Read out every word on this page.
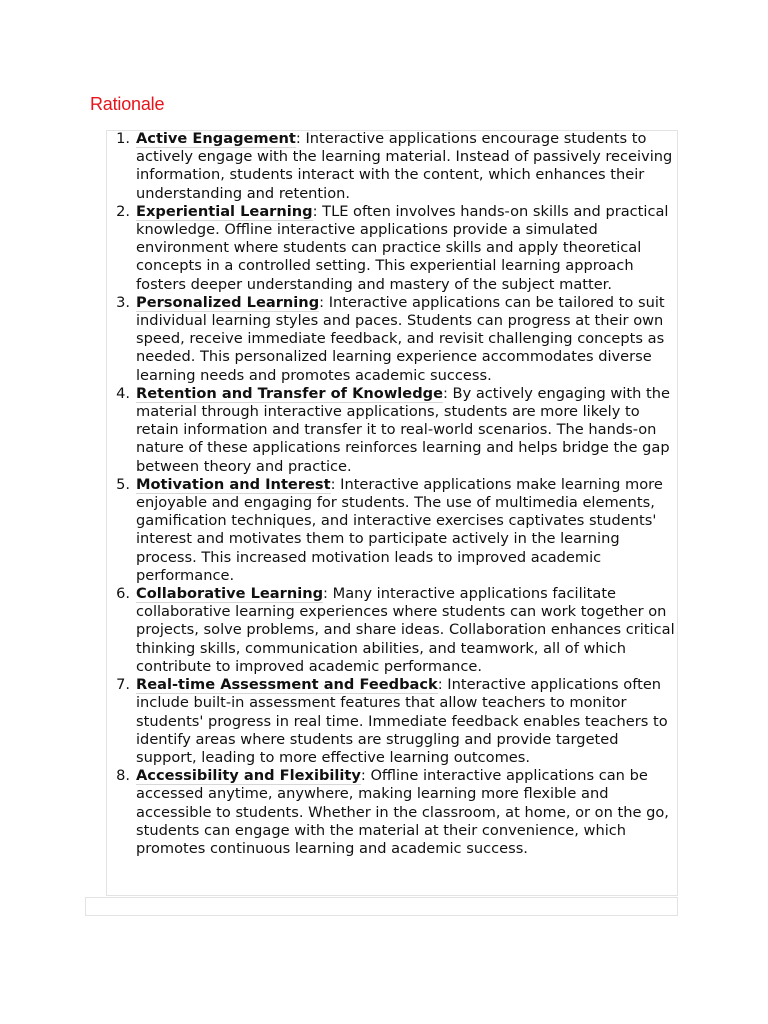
Rationale
1. Active Engagement: Interactive applications encourage students to actively engage with the learning material. Instead of passively receiving information, students interact with the content, which enhances their understanding and retention.
2. Experiential Learning: TLE often involves hands-on skills and practical knowledge. Offline interactive applications provide a simulated environment where students can practice skills and apply theoretical concepts in a controlled setting. This experiential learning approach fosters deeper understanding and mastery of the subject matter.
3. Personalized Learning: Interactive applications can be tailored to suit individual learning styles and paces. Students can progress at their own speed, receive immediate feedback, and revisit challenging concepts as needed. This personalized learning experience accommodates diverse learning needs and promotes academic success.
4. Retention and Transfer of Knowledge: By actively engaging with the material through interactive applications, students are more likely to retain information and transfer it to real-world scenarios. The hands-on nature of these applications reinforces learning and helps bridge the gap between theory and practice.
5. Motivation and Interest: Interactive applications make learning more enjoyable and engaging for students. The use of multimedia elements, gamification techniques, and interactive exercises captivates students' interest and motivates them to participate actively in the learning process. This increased motivation leads to improved academic performance.
6. Collaborative Learning: Many interactive applications facilitate collaborative learning experiences where students can work together on projects, solve problems, and share ideas. Collaboration enhances critical thinking skills, communication abilities, and teamwork, all of which contribute to improved academic performance.
7. Real-time Assessment and Feedback: Interactive applications often include built-in assessment features that allow teachers to monitor students' progress in real time. Immediate feedback enables teachers to identify areas where students are struggling and provide targeted support, leading to more effective learning outcomes.
8. Accessibility and Flexibility: Offline interactive applications can be accessed anytime, anywhere, making learning more flexible and accessible to students. Whether in the classroom, at home, or on the go, students can engage with the material at their convenience, which promotes continuous learning and academic success.
